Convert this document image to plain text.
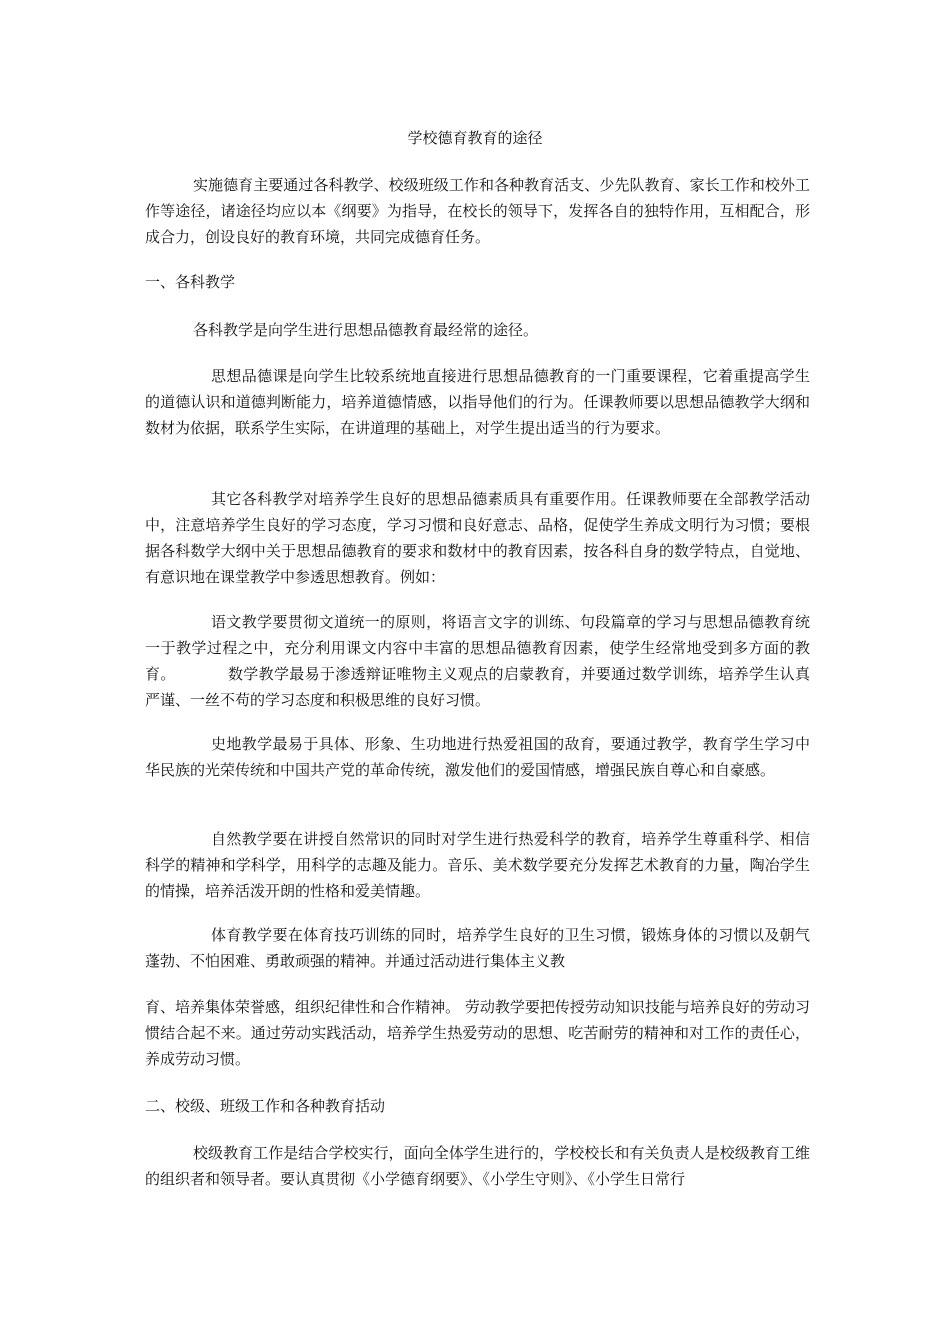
学校德育教育的途径
实施德育主要通过各科教学、校级班级工作和各种教育活支、少先队教育、家长工作和校外工作等途径，诸途径均应以本《纲要》为指导，在校长的领导下，发挥各自的独特作用，互相配合，形成合力，创设良好的教育环境，共同完成德育任务。
一、各科教学
各科教学是向学生进行思想品德教育最经常的途径。
思想品德课是向学生比较系统地直接进行思想品德教育的一门重要课程，它着重提高学生的道德认识和道德判断能力，培养道德情感，以指导他们的行为。任课教师要以思想品德教学大纲和数材为依据，联系学生实际，在讲道理的基础上，对学生提出适当的行为要求。
其它各科教学对培养学生良好的思想品德素质具有重要作用。任课教师要在全部教学活动中，注意培养学生良好的学习态度，学习习惯和良好意志、品格，促使学生养成文明行为习惯；要根据各科数学大纲中关于思想品德教育的要求和数材中的教育因素，按各科自身的数学特点，自觉地、有意识地在课堂教学中参透思想教育。例如：
语文教学要贯彻文道统一的原则，将语言文字的训练、句段篇章的学习与思想品德教育统一于教学过程之中，充分利用课文内容中丰富的思想品德教育因素，使学生经常地受到多方面的教育。	数学教学最易于渗透辩证唯物主义观点的启蒙教育，并要通过数学训练，培养学生认真严谨、一丝不苟的学习态度和积极思维的良好习惯。
史地教学最易于具体、形象、生功地进行热爱祖国的敌育，要通过教学，教育学生学习中华民族的光荣传统和中国共产党的革命传统，激发他们的爱国情感，增强民族自尊心和自豪感。
自然教学要在讲授自然常识的同时对学生进行热爱科学的教育，培养学生尊重科学、相信科学的精神和学科学，用科学的志趣及能力。音乐、美术数学要充分发挥艺术教育的力量，陶冶学生的情操，培养活泼开朗的性格和爱美情趣。
体育教学要在体育技巧训练的同时，培养学生良好的卫生习惯，锻炼身体的习惯以及朝气蓬勃、不怕困难、勇敢顽强的精神。并通过活动进行集体主义教
育、培养集体荣誉感，组织纪律性和合作精神。 劳动教学要把传授劳动知识技能与培养良好的劳动习惯结合起不来。通过劳动实践活动，培养学生热爱劳动的思想、吃苦耐劳的精神和对工作的责任心，养成劳动习惯。
二、校级、班级工作和各种教育括动
校级教育工作是结合学校实行，面向全体学生进行的，学校校长和有关负责人是校级教育工维的组织者和领导者。要认真贯彻《小学德育纲要》、《小学生守则》、《小学生日常行
